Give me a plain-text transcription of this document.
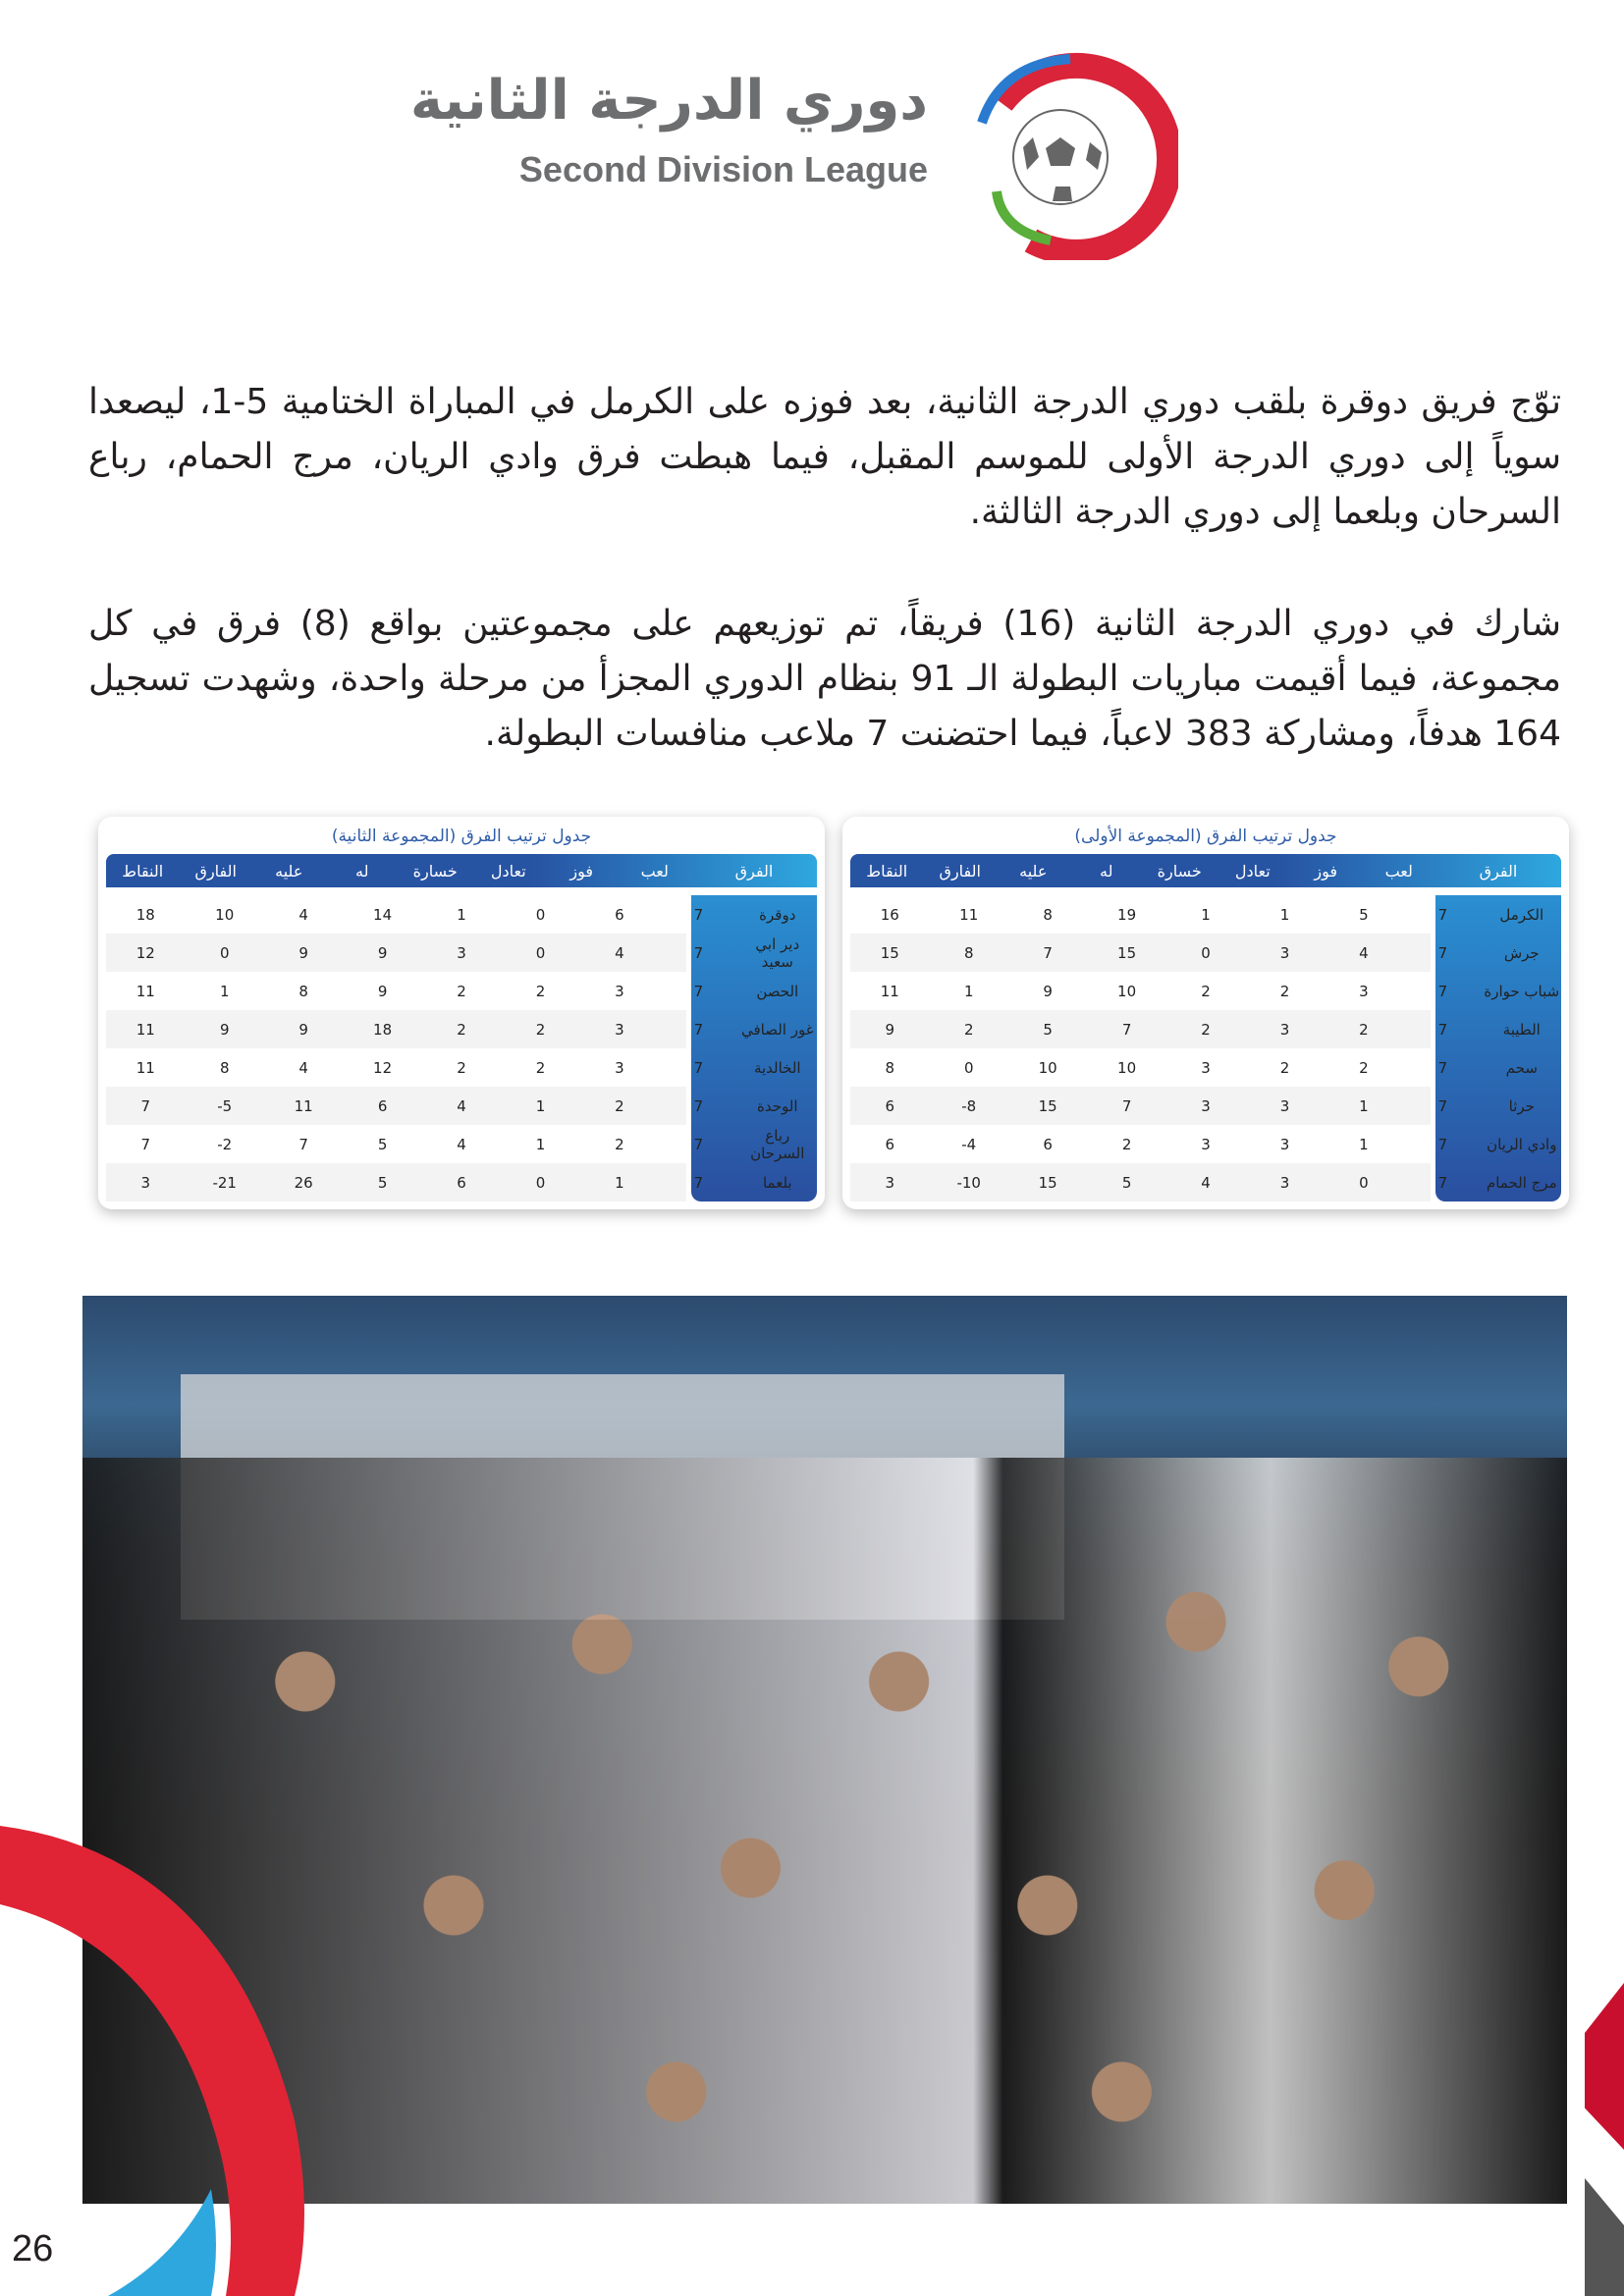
دوري الدرجة الثانية
Second Division League

توّج فريق دوقرة بلقب دوري الدرجة الثانية، بعد فوزه على الكرمل في المباراة الختامية 5-1، ليصعدا سوياً إلى دوري الدرجة الأولى للموسم المقبل، فيما هبطت فرق وادي الريان، مرج الحمام، رباع السرحان وبلعما إلى دوري الدرجة الثالثة.

شارك في دوري الدرجة الثانية (16) فريقاً، تم توزيعهم على مجموعتين بواقع (8) فرق في كل مجموعة، فيما أقيمت مباريات البطولة الـ 91 بنظام الدوري المجزأ من مرحلة واحدة، وشهدت تسجيل 164 هدفاً، ومشاركة 383 لاعباً، فيما احتضنت 7 ملاعب منافسات البطولة.

جدول ترتيب الفرق (المجموعة الأولى)
الفرق
لعب
فوز
تعادل
خسارة
له
عليه
الفارق
النقاط
الكرمل
7
5
1
1
19
8
11
16
جرش
7
4
3
0
15
7
8
15
شباب حوارة
7
3
2
2
10
9
1
11
الطيبة
7
2
3
2
7
5
2
9
سحم
7
2
2
3
10
10
0
8
حرثا
7
1
3
3
7
15
8-
6
وادي الريان
7
1
3
3
2
6
4-
6
مرج الحمام
7
0
3
4
5
15
10-
3
جدول ترتيب الفرق (المجموعة الثانية)
الفرق
لعب
فوز
تعادل
خسارة
له
عليه
الفارق
النقاط
دوقرة
7
6
0
1
14
4
10
18
دير ابي سعيد
7
4
0
3
9
9
0
12
الحصن
7
3
2
2
9
8
1
11
غور الصافي
7
3
2
2
18
9
9
11
الخالدية
7
3
2
2
12
4
8
11
الوحدة
7
2
1
4
6
11
5-
7
رباع السرحان
7
2
1
4
5
7
2-
7
بلعما
7
1
0
6
5
26
21-
3
26
